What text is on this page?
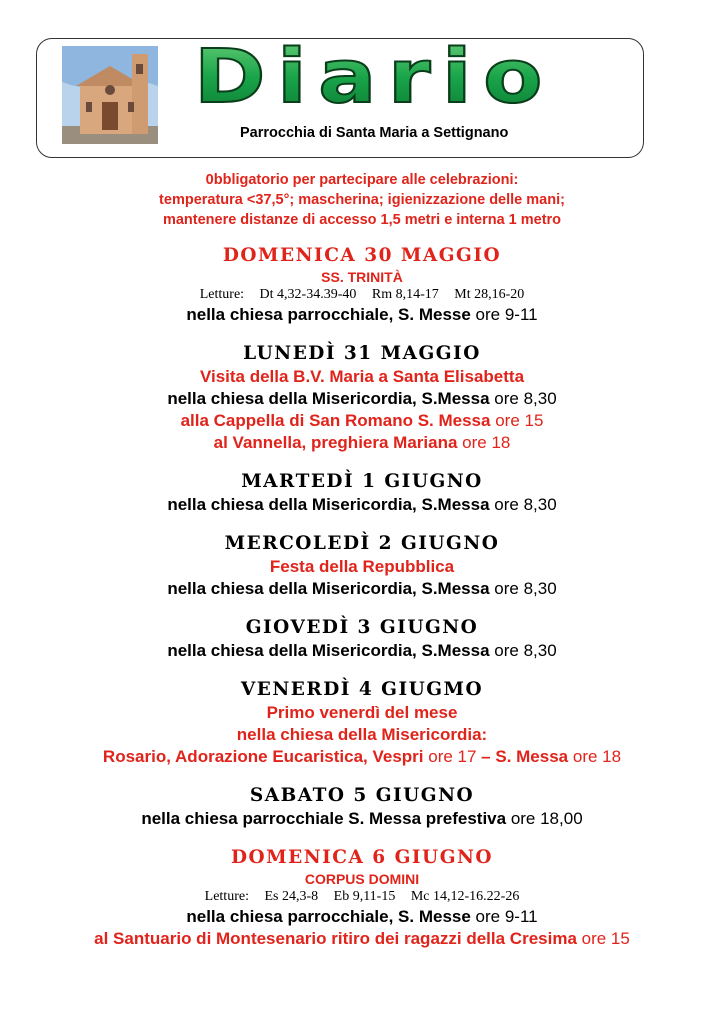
Diario
Parrocchia di Santa Maria a Settignano
0bbligatorio per partecipare alle celebrazioni:
temperatura <37,5°; mascherina; igienizzazione delle mani;
mantenere distanze di accesso 1,5 metri e interna 1 metro
DOMENICA 30 MAGGIO
SS. TRINITÀ
Letture: Dt 4,32-34.39-40 Rm 8,14-17 Mt 28,16-20
nella chiesa parrocchiale, S. Messe ore 9-11
LUNEDÌ 31 MAGGIO
Visita della B.V. Maria a Santa Elisabetta
nella chiesa della Misericordia, S.Messa ore 8,30
alla Cappella di San Romano S. Messa ore 15
al Vannella, preghiera Mariana ore 18
MARTEDÌ 1 GIUGNO
nella chiesa della Misericordia, S.Messa ore 8,30
MERCOLEDÌ 2 GIUGNO
Festa della Repubblica
nella chiesa della Misericordia, S.Messa ore 8,30
GIOVEDÌ 3 GIUGNO
nella chiesa della Misericordia, S.Messa ore 8,30
VENERDÌ 4 GIUGMO
Primo venerdì del mese
nella chiesa della Misericordia:
Rosario, Adorazione Eucaristica, Vespri ore 17 – S. Messa ore 18
SABATO 5 GIUGNO
nella chiesa parrocchiale S. Messa prefestiva ore 18,00
DOMENICA 6 GIUGNO
CORPUS DOMINI
Letture: Es 24,3-8 Eb 9,11-15 Mc 14,12-16.22-26
nella chiesa parrocchiale, S. Messe ore 9-11
al Santuario di Montesenario ritiro dei ragazzi della Cresima ore 15
